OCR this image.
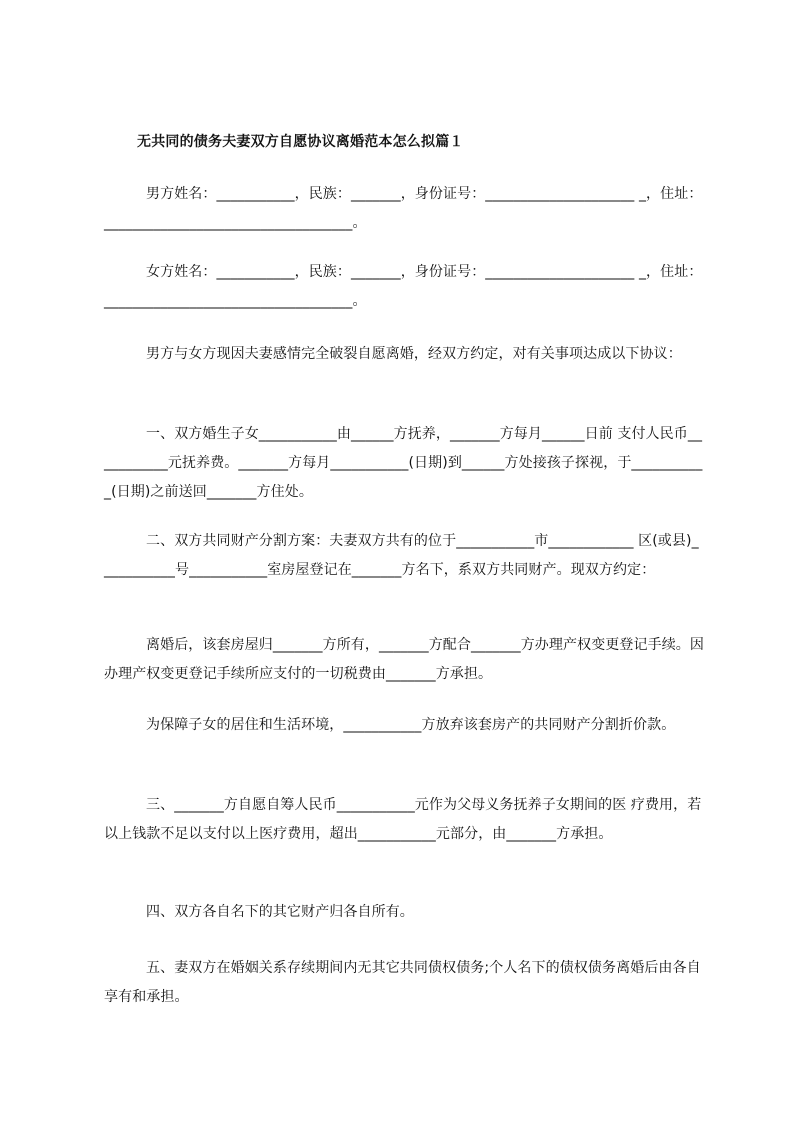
无共同的债务夫妻双方自愿协议离婚范本怎么拟篇１
男方姓名：___________，民族：_______，身份证号：_____________________ _，住址：___________________________________。
女方姓名：___________，民族：_______，身份证号：_____________________ _，住址：___________________________________。
男方与女方现因夫妻感情完全破裂自愿离婚，经双方约定，对有关事项达成以下协议：
一、双方婚生子女___________由______方抚养，_______方每月______日前 支付人民币___________元抚养费。_______方每月___________(日期)到______方处接孩子探视，于___________(日期)之前送回_______方住处。
二、双方共同财产分割方案：夫妻双方共有的位于___________市____________ 区(或县)___________号___________室房屋登记在_______方名下，系双方共同财产。现双方约定：
离婚后，该套房屋归_______方所有，_______方配合_______方办理产权变更登记手续。因办理产权变更登记手续所应支付的一切税费由_______方承担。
为保障子女的居住和生活环境，___________方放弃该套房产的共同财产分割折价款。
三、_______方自愿自筹人民币___________元作为父母义务抚养子女期间的医 疗费用，若以上钱款不足以支付以上医疗费用，超出___________元部分，由_______方承担。
四、双方各自名下的其它财产归各自所有。
五、妻双方在婚姻关系存续期间内无其它共同债权债务;个人名下的债权债务离婚后由各自享有和承担。
